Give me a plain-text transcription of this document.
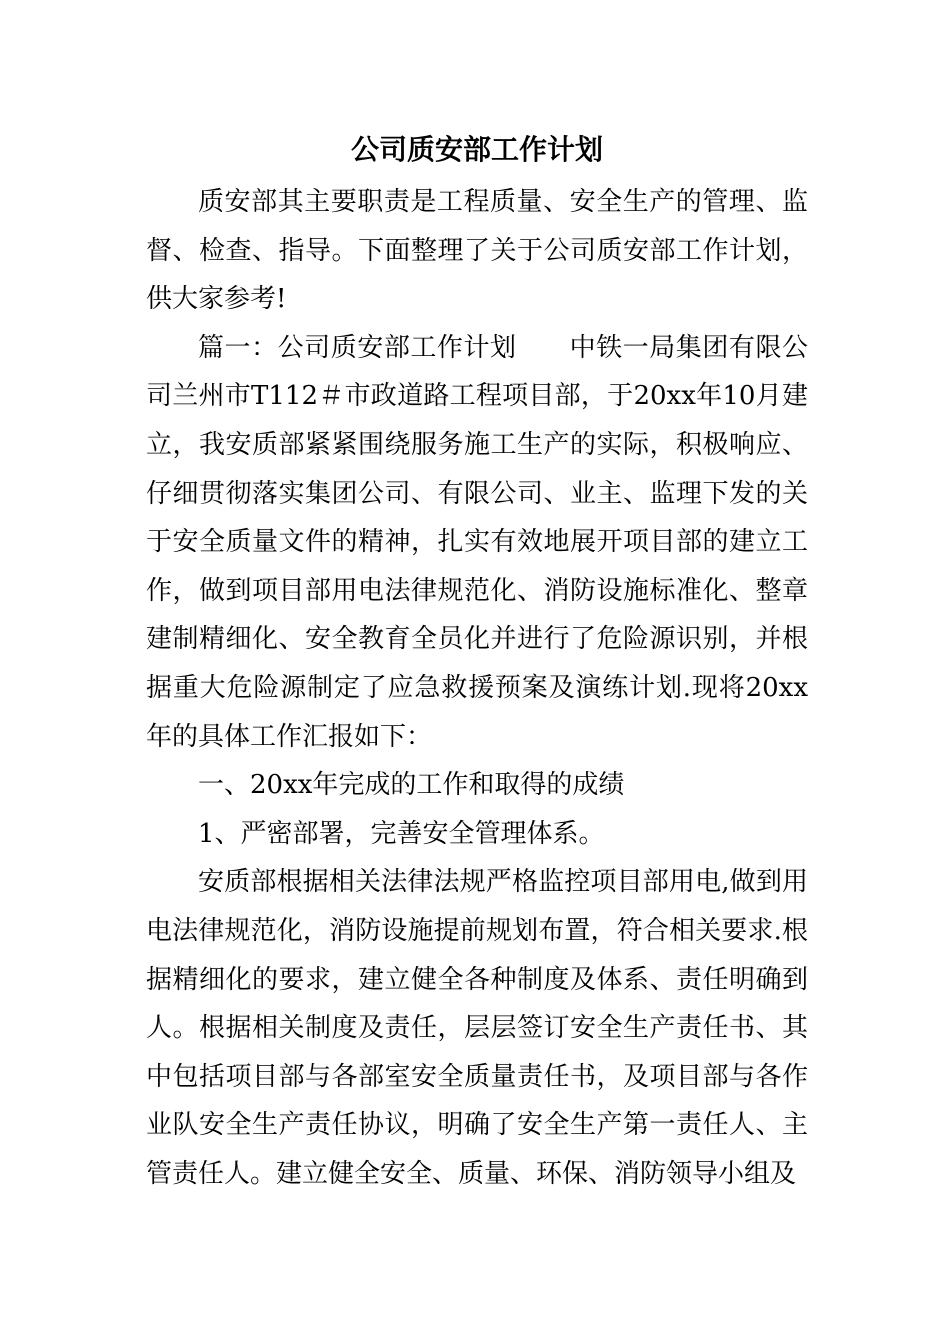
公司质安部工作计划

质安部其主要职责是工程质量、安全生产的管理、监督、检查、指导。下面整理了关于公司质安部工作计划，供大家参考!

篇一：公司质安部工作计划　　中铁一局集团有限公司兰州市T112＃市政道路工程项目部，于20xx年10月建立，我安质部紧紧围绕服务施工生产的实际，积极响应、仔细贯彻落实集团公司、有限公司、业主、监理下发的关于安全质量文件的精神，扎实有效地展开项目部的建立工作，做到项目部用电法律规范化、消防设施标准化、整章建制精细化、安全教育全员化并进行了危险源识别，并根据重大危险源制定了应急救援预案及演练计划.现将20xx年的具体工作汇报如下：

一、20xx年完成的工作和取得的成绩

1、严密部署，完善安全管理体系。

安质部根据相关法律法规严格监控项目部用电,做到用电法律规范化，消防设施提前规划布置，符合相关要求.根据精细化的要求，建立健全各种制度及体系、责任明确到人。根据相关制度及责任，层层签订安全生产责任书、其中包括项目部与各部室安全质量责任书，及项目部与各作业队安全生产责任协议，明确了安全生产第一责任人、主管责任人。建立健全安全、质量、环保、消防领导小组及
